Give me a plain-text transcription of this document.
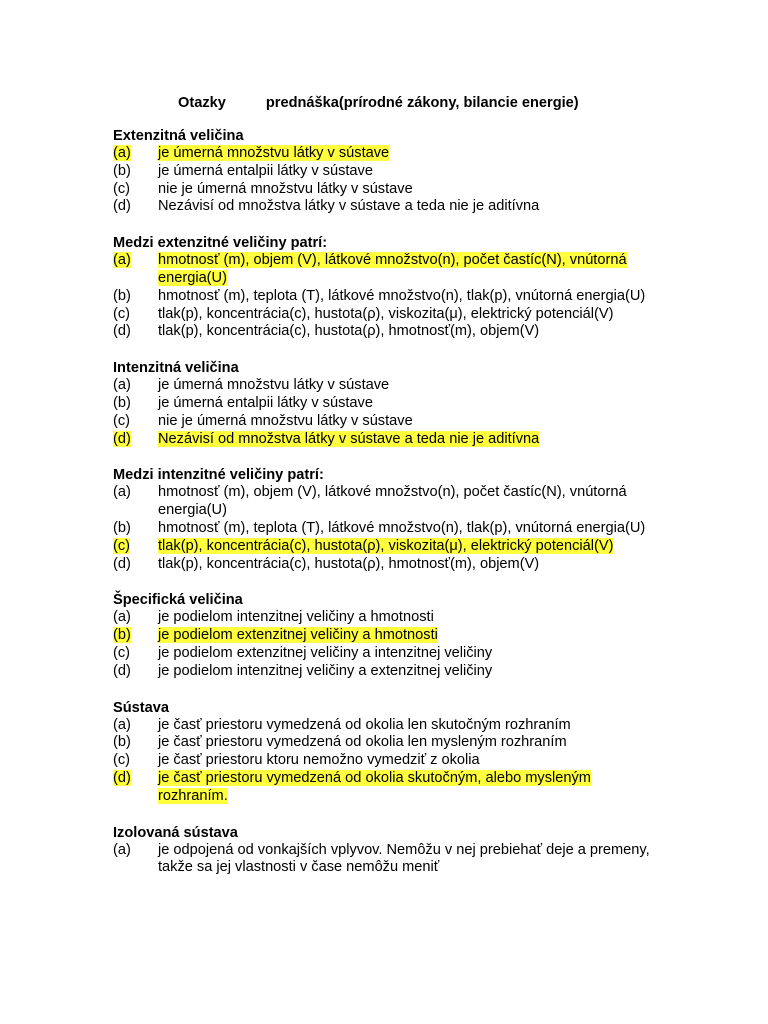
Otazky	prednáška(prírodné zákony, bilancie energie)
Extenzitná veličina
(a)	je úmerná množstvu látky v sústave
(b)	je úmerná entalpii látky v sústave
(c)	nie je úmerná množstvu látky v sústave
(d)	Nezávisí od množstva látky v sústave a teda nie je aditívna
Medzi extenzitné veličiny patrí:
(a)	hmotnosť (m), objem (V), látkové množstvo(n), počet častíc(N), vnútorná energia(U)
(b)	hmotnosť (m), teplota (T), látkové množstvo(n), tlak(p), vnútorná energia(U)
(c)	tlak(p), koncentrácia(c), hustota(ρ), viskozita(μ), elektrický potenciál(V)
(d)	tlak(p), koncentrácia(c), hustota(ρ), hmotnosť(m), objem(V)
Intenzitná veličina
(a)	je úmerná množstvu látky v sústave
(b)	je úmerná entalpii látky v sústave
(c)	nie je úmerná množstvu látky v sústave
(d)	Nezávisí od množstva látky v sústave a teda nie je aditívna
Medzi intenzitné veličiny patrí:
(a)	hmotnosť (m), objem (V), látkové množstvo(n), počet častíc(N), vnútorná energia(U)
(b)	hmotnosť (m), teplota (T), látkové množstvo(n), tlak(p), vnútorná energia(U)
(c)	tlak(p), koncentrácia(c), hustota(ρ), viskozita(μ), elektrický potenciál(V)
(d)	tlak(p), koncentrácia(c), hustota(ρ), hmotnosť(m), objem(V)
Špecifická veličina
(a)	je podielom intenzitnej veličiny a hmotnosti
(b)	je podielom extenzitnej veličiny a hmotnosti
(c)	je podielom extenzitnej veličiny a intenzitnej veličiny
(d)	je podielom intenzitnej veličiny a extenzitnej veličiny
Sústava
(a)	je časť priestoru vymedzená od okolia len skutočným rozhraním
(b)	je časť priestoru vymedzená od okolia len mysleným rozhraním
(c)	je časť priestoru ktoru nemožno vymedziť z okolia
(d)	je časť priestoru vymedzená od okolia skutočným, alebo mysleným rozhraním.
Izolovaná sústava
(a)	je odpojená od vonkajších vplyvov. Nemôžu v nej prebiehať deje a premeny, takže sa jej vlastnosti v čase nemôžu meniť
